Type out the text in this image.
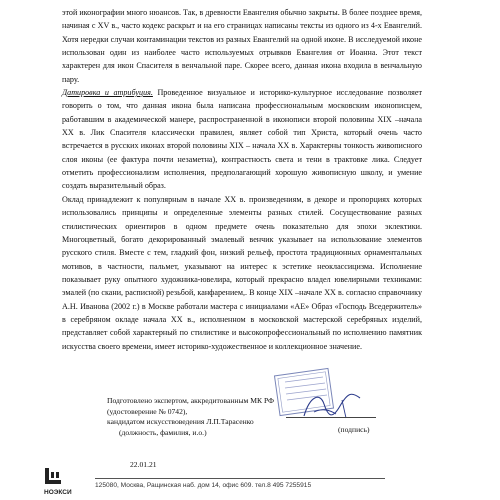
этой иконографии много нюансов. Так, в древности Евангелия обычно закрыты. В более позднее время, начиная с XV в., часто кодекс раскрыт и на его страницах написаны тексты из одного из 4-х Евангелий. Хотя нередки случаи контаминации текстов из разных Евангелий на одной иконе. В исследуемой иконе использован один из наиболее часто используемых отрывков Евангелия от Иоанна. Этот текст характерен для икон Спасителя в венчальной паре. Скорее всего, данная икона входила в венчальную пару.

Датировка и атрибуция. Проведенное визуальное и историко-культурное исследование позволяет говорить о том, что данная икона была написана профессиональным московским иконописцем, работавшим в академической манере, распространенной в иконописи второй половины XIX –начала XX в. Лик Спасителя классически правилен, являет собой тип Христа, который очень часто встречается в русских иконах второй половины XIX – начала XX в. Характерны тонкость живописного слоя иконы (ее фактура почти незаметна), контрастность света и тени в трактовке лика. Следует отметить профессионализм исполнения, предполагающий хорошую живописную школу, и умение создать выразительный образ.

Оклад принадлежит к популярным в начале XX в. произведениям, в декоре и пропорциях которых использовались принципы и определенные элементы разных стилей. Сосуществование разных стилистических ориентиров в одном предмете очень показательно для эпохи эклектики. Многоцветный, богато декорированный эмалевый венчик указывает на использование элементов русского стиля. Вместе с тем, гладкий фон, низкий рельеф, простота традиционных орнаментальных мотивов, в частности, пальмет, указывают на интерес к эстетике неоклассицизма. Исполнение показывает руку опытного художника-ювелира, который прекрасно владел ювелирными техниками: эмалей (по скани, расписной) резьбой, канфарением,. В конце XIX –начале XX в. согласно справочнику А.Н. Иванова (2002 г.) в Москве работали мастера с инициалами «АЕ» Образ «Господь Вседержитель» в серебряном окладе начала XX в., исполненном в московской мастерской серебряных изделий, представляет собой характерный по стилистике и высокопрофессиональный по исполнению памятник искусства своего времени, имеет историко-художественное и коллекционное значение.

Подготовлено экспертом, аккредитованным МК РФ
(удостоверение № 0742),
кандидатом искусствоведения Л.П.Тарасенко
(должность, фамилия, и.о.)	(подпись)
22.01.21
НОЭКСИ
125080, Москва, Ращинская наб. дом 14, офис 609. тел.8 495 7255915
